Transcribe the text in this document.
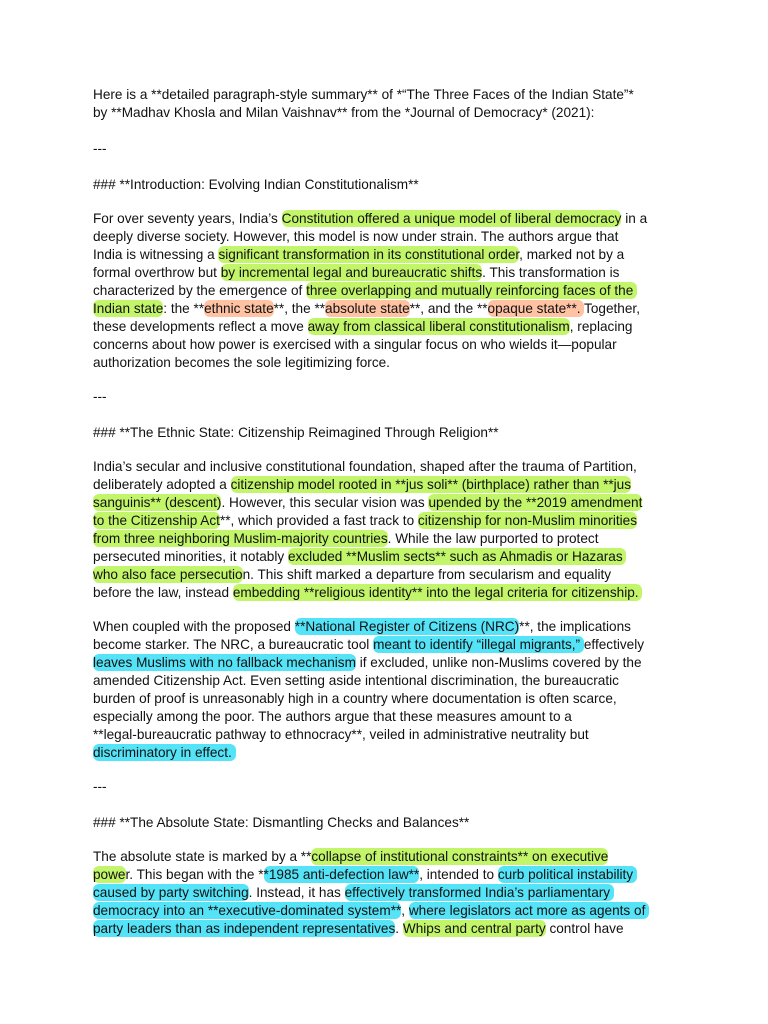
Here is a **detailed paragraph-style summary** of *“The Three Faces of the Indian State”*
by **Madhav Khosla and Milan Vaishnav** from the *Journal of Democracy* (2021):
---
### **Introduction: Evolving Indian Constitutionalism**
For over seventy years, India’s Constitution offered a unique model of liberal democracy in a
deeply diverse society. However, this model is now under strain. The authors argue that
India is witnessing a significant transformation in its constitutional order, marked not by a
formal overthrow but by incremental legal and bureaucratic shifts. This transformation is
characterized by the emergence of three overlapping and mutually reinforcing faces of the
Indian state: the **ethnic state**, the **absolute state**, and the **opaque state**. Together,
these developments reflect a move away from classical liberal constitutionalism, replacing
concerns about how power is exercised with a singular focus on who wields it—popular
authorization becomes the sole legitimizing force.
---
### **The Ethnic State: Citizenship Reimagined Through Religion**
India’s secular and inclusive constitutional foundation, shaped after the trauma of Partition,
deliberately adopted a citizenship model rooted in **jus soli** (birthplace) rather than **jus
sanguinis** (descent). However, this secular vision was upended by the **2019 amendment
to the Citizenship Act**, which provided a fast track to citizenship for non-Muslim minorities
from three neighboring Muslim-majority countries. While the law purported to protect
persecuted minorities, it notably excluded **Muslim sects** such as Ahmadis or Hazaras
who also face persecution. This shift marked a departure from secularism and equality
before the law, instead embedding **religious identity** into the legal criteria for citizenship.
When coupled with the proposed **National Register of Citizens (NRC)**, the implications
become starker. The NRC, a bureaucratic tool meant to identify “illegal migrants,” effectively
leaves Muslims with no fallback mechanism if excluded, unlike non-Muslims covered by the
amended Citizenship Act. Even setting aside intentional discrimination, the bureaucratic
burden of proof is unreasonably high in a country where documentation is often scarce,
especially among the poor. The authors argue that these measures amount to a
**legal-bureaucratic pathway to ethnocracy**, veiled in administrative neutrality but
discriminatory in effect.
---
### **The Absolute State: Dismantling Checks and Balances**
The absolute state is marked by a **collapse of institutional constraints** on executive
power. This began with the **1985 anti-defection law**, intended to curb political instability
caused by party switching. Instead, it has effectively transformed India’s parliamentary
democracy into an **executive-dominated system**, where legislators act more as agents of
party leaders than as independent representatives. Whips and central party control have
